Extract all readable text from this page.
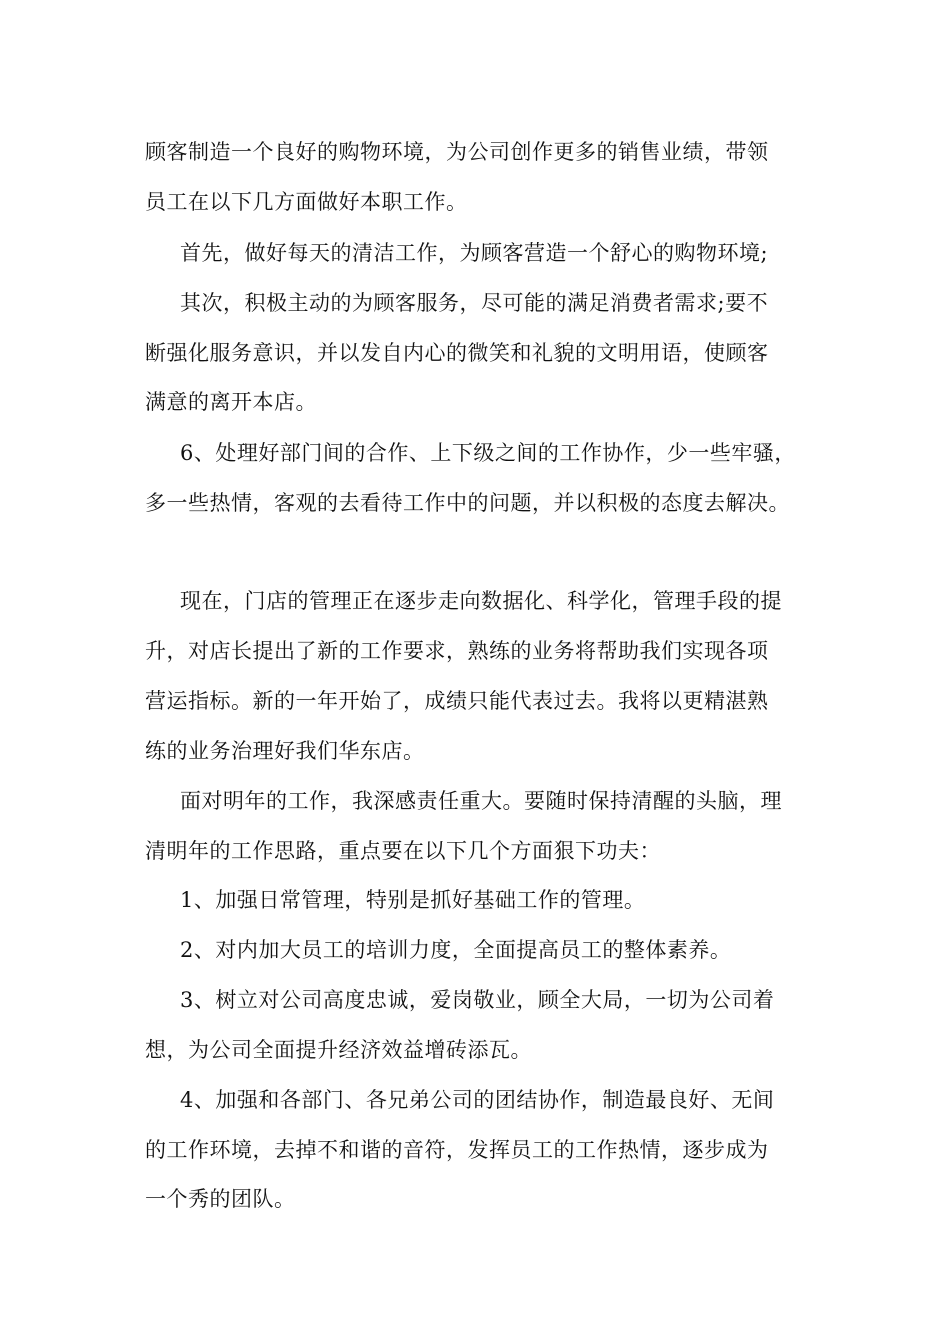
顾客制造一个良好的购物环境，为公司创作更多的销售业绩，带领
员工在以下几方面做好本职工作。
首先，做好每天的清洁工作，为顾客营造一个舒心的购物环境;
其次，积极主动的为顾客服务，尽可能的满足消费者需求;要不
断强化服务意识，并以发自内心的微笑和礼貌的文明用语，使顾客
满意的离开本店。
6、处理好部门间的合作、上下级之间的工作协作，少一些牢骚，
多一些热情，客观的去看待工作中的问题，并以积极的态度去解决。
现在，门店的管理正在逐步走向数据化、科学化，管理手段的提
升，对店长提出了新的工作要求，熟练的业务将帮助我们实现各项
营运指标。新的一年开始了，成绩只能代表过去。我将以更精湛熟
练的业务治理好我们华东店。
面对明年的工作，我深感责任重大。要随时保持清醒的头脑，理
清明年的工作思路，重点要在以下几个方面狠下功夫：
1、加强日常管理，特别是抓好基础工作的管理。
2、对内加大员工的培训力度，全面提高员工的整体素养。
3、树立对公司高度忠诚，爱岗敬业，顾全大局，一切为公司着
想，为公司全面提升经济效益增砖添瓦。
4、加强和各部门、各兄弟公司的团结协作，制造最良好、无间
的工作环境，去掉不和谐的音符，发挥员工的工作热情，逐步成为
一个秀的团队。
